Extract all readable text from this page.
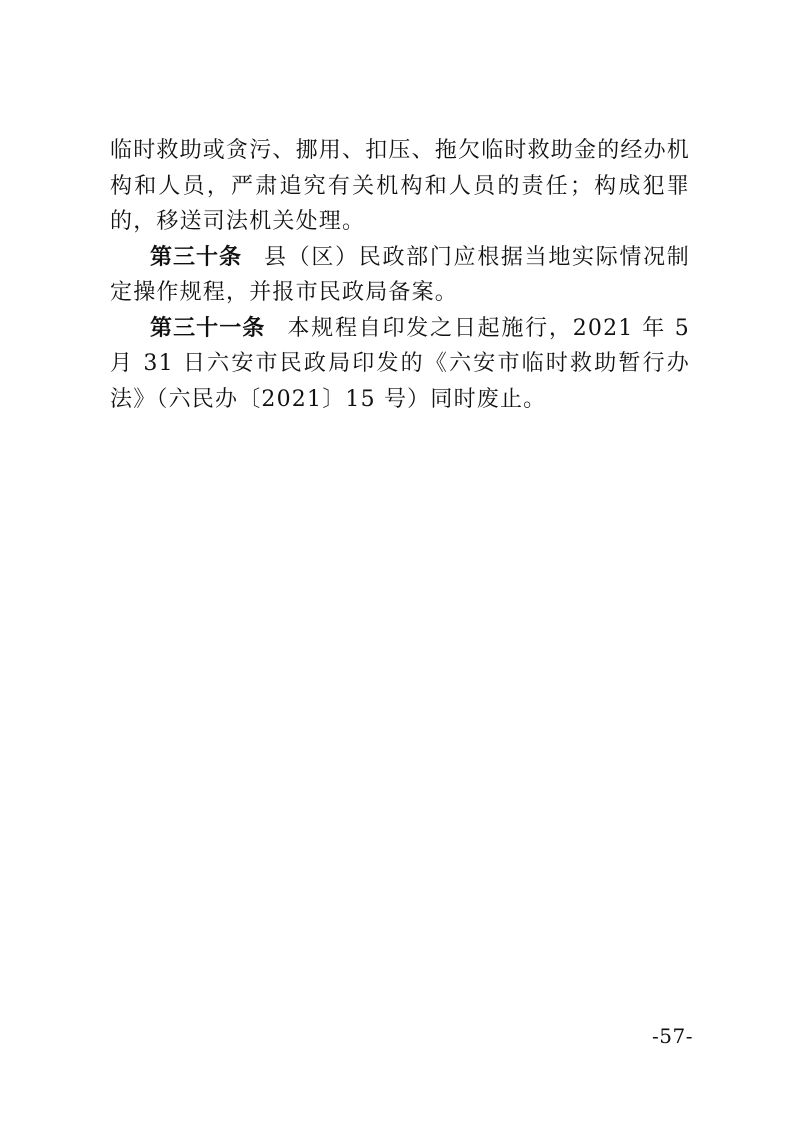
临时救助或贪污、挪用、扣压、拖欠临时救助金的经办机构和人员，严肃追究有关机构和人员的责任；构成犯罪的，移送司法机关处理。

第三十条 县（区）民政部门应根据当地实际情况制定操作规程，并报市民政局备案。

第三十一条 本规程自印发之日起施行，2021 年 5 月 31 日六安市民政局印发的《六安市临时救助暂行办法》（六民办〔2021〕15 号）同时废止。

-57-
